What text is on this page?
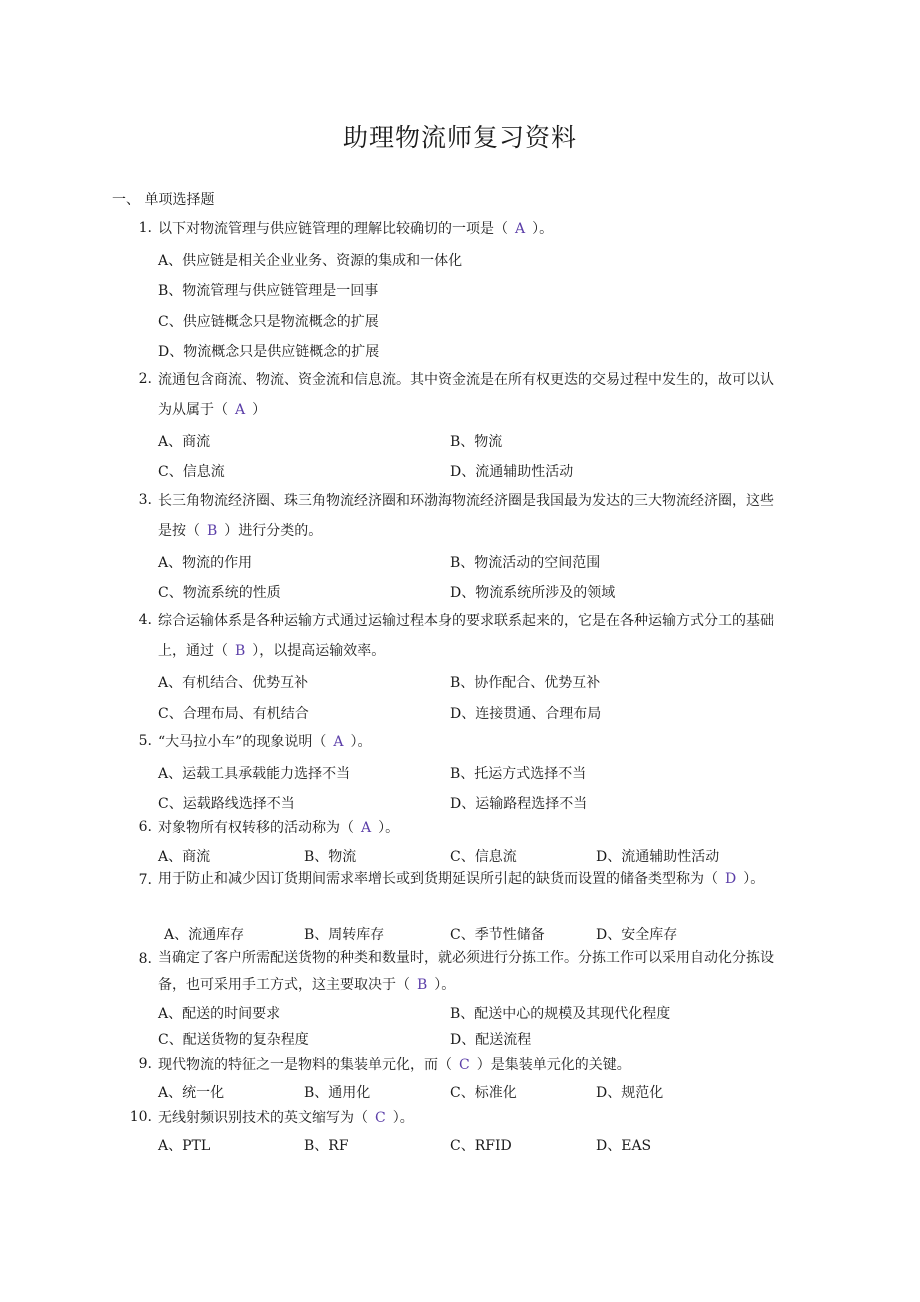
助理物流师复习资料
一、 单项选择题
1. 以下对物流管理与供应链管理的理解比较确切的一项是（ A ）。
A、供应链是相关企业业务、资源的集成和一体化
B、物流管理与供应链管理是一回事
C、供应链概念只是物流概念的扩展
D、物流概念只是供应链概念的扩展
2. 流通包含商流、物流、资金流和信息流。其中资金流是在所有权更迭的交易过程中发生的，故可以认为从属于（ A ）
A、商流	B、物流
C、信息流	D、流通辅助性活动
3. 长三角物流经济圈、珠三角物流经济圈和环渤海物流经济圈是我国最为发达的三大物流经济圈，这些是按（ B ）进行分类的。
A、物流的作用	B、物流活动的空间范围
C、物流系统的性质	D、物流系统所涉及的领域
4. 综合运输体系是各种运输方式通过运输过程本身的要求联系起来的，它是在各种运输方式分工的基础上，通过（ B ），以提高运输效率。
A、有机结合、优势互补	B、协作配合、优势互补
C、合理布局、有机结合	D、连接贯通、合理布局
5. “大马拉小车”的现象说明（ A ）。
A、运载工具承载能力选择不当	B、托运方式选择不当
C、运载路线选择不当	D、运输路程选择不当
6. 对象物所有权转移的活动称为（ A ）。
A、商流	B、物流	C、信息流	D、流通辅助性活动
7. 用于防止和减少因订货期间需求率增长或到货期延误所引起的缺货而设置的储备类型称为（ D ）。
A、流通库存	B、周转库存	C、季节性储备	D、安全库存
8. 当确定了客户所需配送货物的种类和数量时，就必须进行分拣工作。分拣工作可以采用自动化分拣设备，也可采用手工方式，这主要取决于（ B ）。
A、配送的时间要求	B、配送中心的规模及其现代化程度
C、配送货物的复杂程度	D、配送流程
9. 现代物流的特征之一是物料的集装单元化，而（ C ）是集装单元化的关键。
A、统一化	B、通用化	C、标准化	D、规范化
10. 无线射频识别技术的英文缩写为（ C ）。
A、PTL	B、RF	C、RFID	D、EAS
